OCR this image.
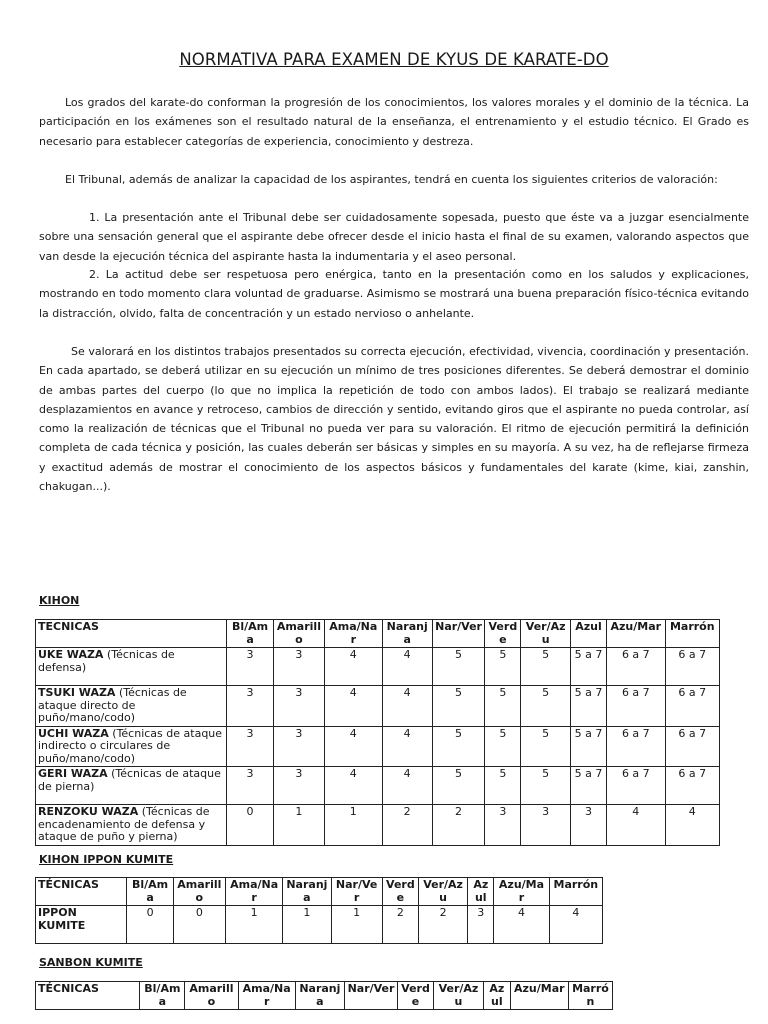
NORMATIVA PARA EXAMEN DE KYUS DE KARATE-DO

Los grados del karate-do conforman la progresión de los conocimientos, los valores morales y el dominio de la técnica. La participación en los exámenes son el resultado natural de la enseñanza, el entrenamiento y el estudio técnico. El Grado es necesario para establecer categorías de experiencia, conocimiento y destreza.

El Tribunal, además de analizar la capacidad de los aspirantes, tendrá en cuenta los siguientes criterios de valoración:

1. La presentación ante el Tribunal debe ser cuidadosamente sopesada, puesto que éste va a juzgar esencialmente sobre una sensación general que el aspirante debe ofrecer desde el inicio hasta el final de su examen, valorando aspectos que van desde la ejecución técnica del aspirante hasta la indumentaria y el aseo personal.

2. La actitud debe ser respetuosa pero enérgica, tanto en la presentación como en los saludos y explicaciones, mostrando en todo momento clara voluntad de graduarse. Asimismo se mostrará una buena preparación físico-técnica evitando la distracción, olvido, falta de concentración y un estado nervioso o anhelante.

Se valorará en los distintos trabajos presentados su correcta ejecución, efectividad, vivencia, coordinación y presentación. En cada apartado, se deberá utilizar en su ejecución un mínimo de tres posiciones diferentes. Se deberá demostrar el dominio de ambas partes del cuerpo (lo que no implica la repetición de todo con ambos lados). El trabajo se realizará mediante desplazamientos en avance y retroceso, cambios de dirección y sentido, evitando giros que el aspirante no pueda controlar, así como la realización de técnicas que el Tribunal no pueda ver para su valoración. El ritmo de ejecución permitirá la definición completa de cada técnica y posición, las cuales deberán ser básicas y simples en su mayoría. A su vez, ha de reflejarse firmeza y exactitud además de mostrar el conocimiento de los aspectos básicos y fundamentales del karate (kime, kiai, zanshin, chakugan...).

KIHON
TECNICAS	Bl/Ama	Amarillo	Ama/Nar	Naranja	Nar/Ver	Verde	Ver/Azu	Azul	Azu/Mar	Marrón
UKE WAZA (Técnicas de defensa)	3	3	4	4	5	5	5	5 a 7	6 a 7	6 a 7
TSUKI WAZA (Técnicas de ataque directo de puño/mano/codo)	3	3	4	4	5	5	5	5 a 7	6 a 7	6 a 7
UCHI WAZA (Técnicas de ataque indirecto o circulares de puño/mano/codo)	3	3	4	4	5	5	5	5 a 7	6 a 7	6 a 7
GERI WAZA (Técnicas de ataque de pierna)	3	3	4	4	5	5	5	5 a 7	6 a 7	6 a 7
RENZOKU WAZA (Técnicas de encadenamiento de defensa y ataque de puño y pierna)	0	1	1	2	2	3	3	3	4	4
KIHON IPPON KUMITE
TÉCNICAS	Bl/Ama	Amarillo	Ama/Nar	Naranja	Nar/Ver	Verde	Ver/Azu	Azul	Azu/Mar	Marrón
IPPON KUMITE	0	0	1	1	1	2	2	3	4	4
SANBON KUMITE
TÉCNICAS	Bl/Ama	Amarillo	Ama/Nar	Naranja	Nar/Ver	Verde	Ver/Azu	Azul	Azu/Mar	Marrón
